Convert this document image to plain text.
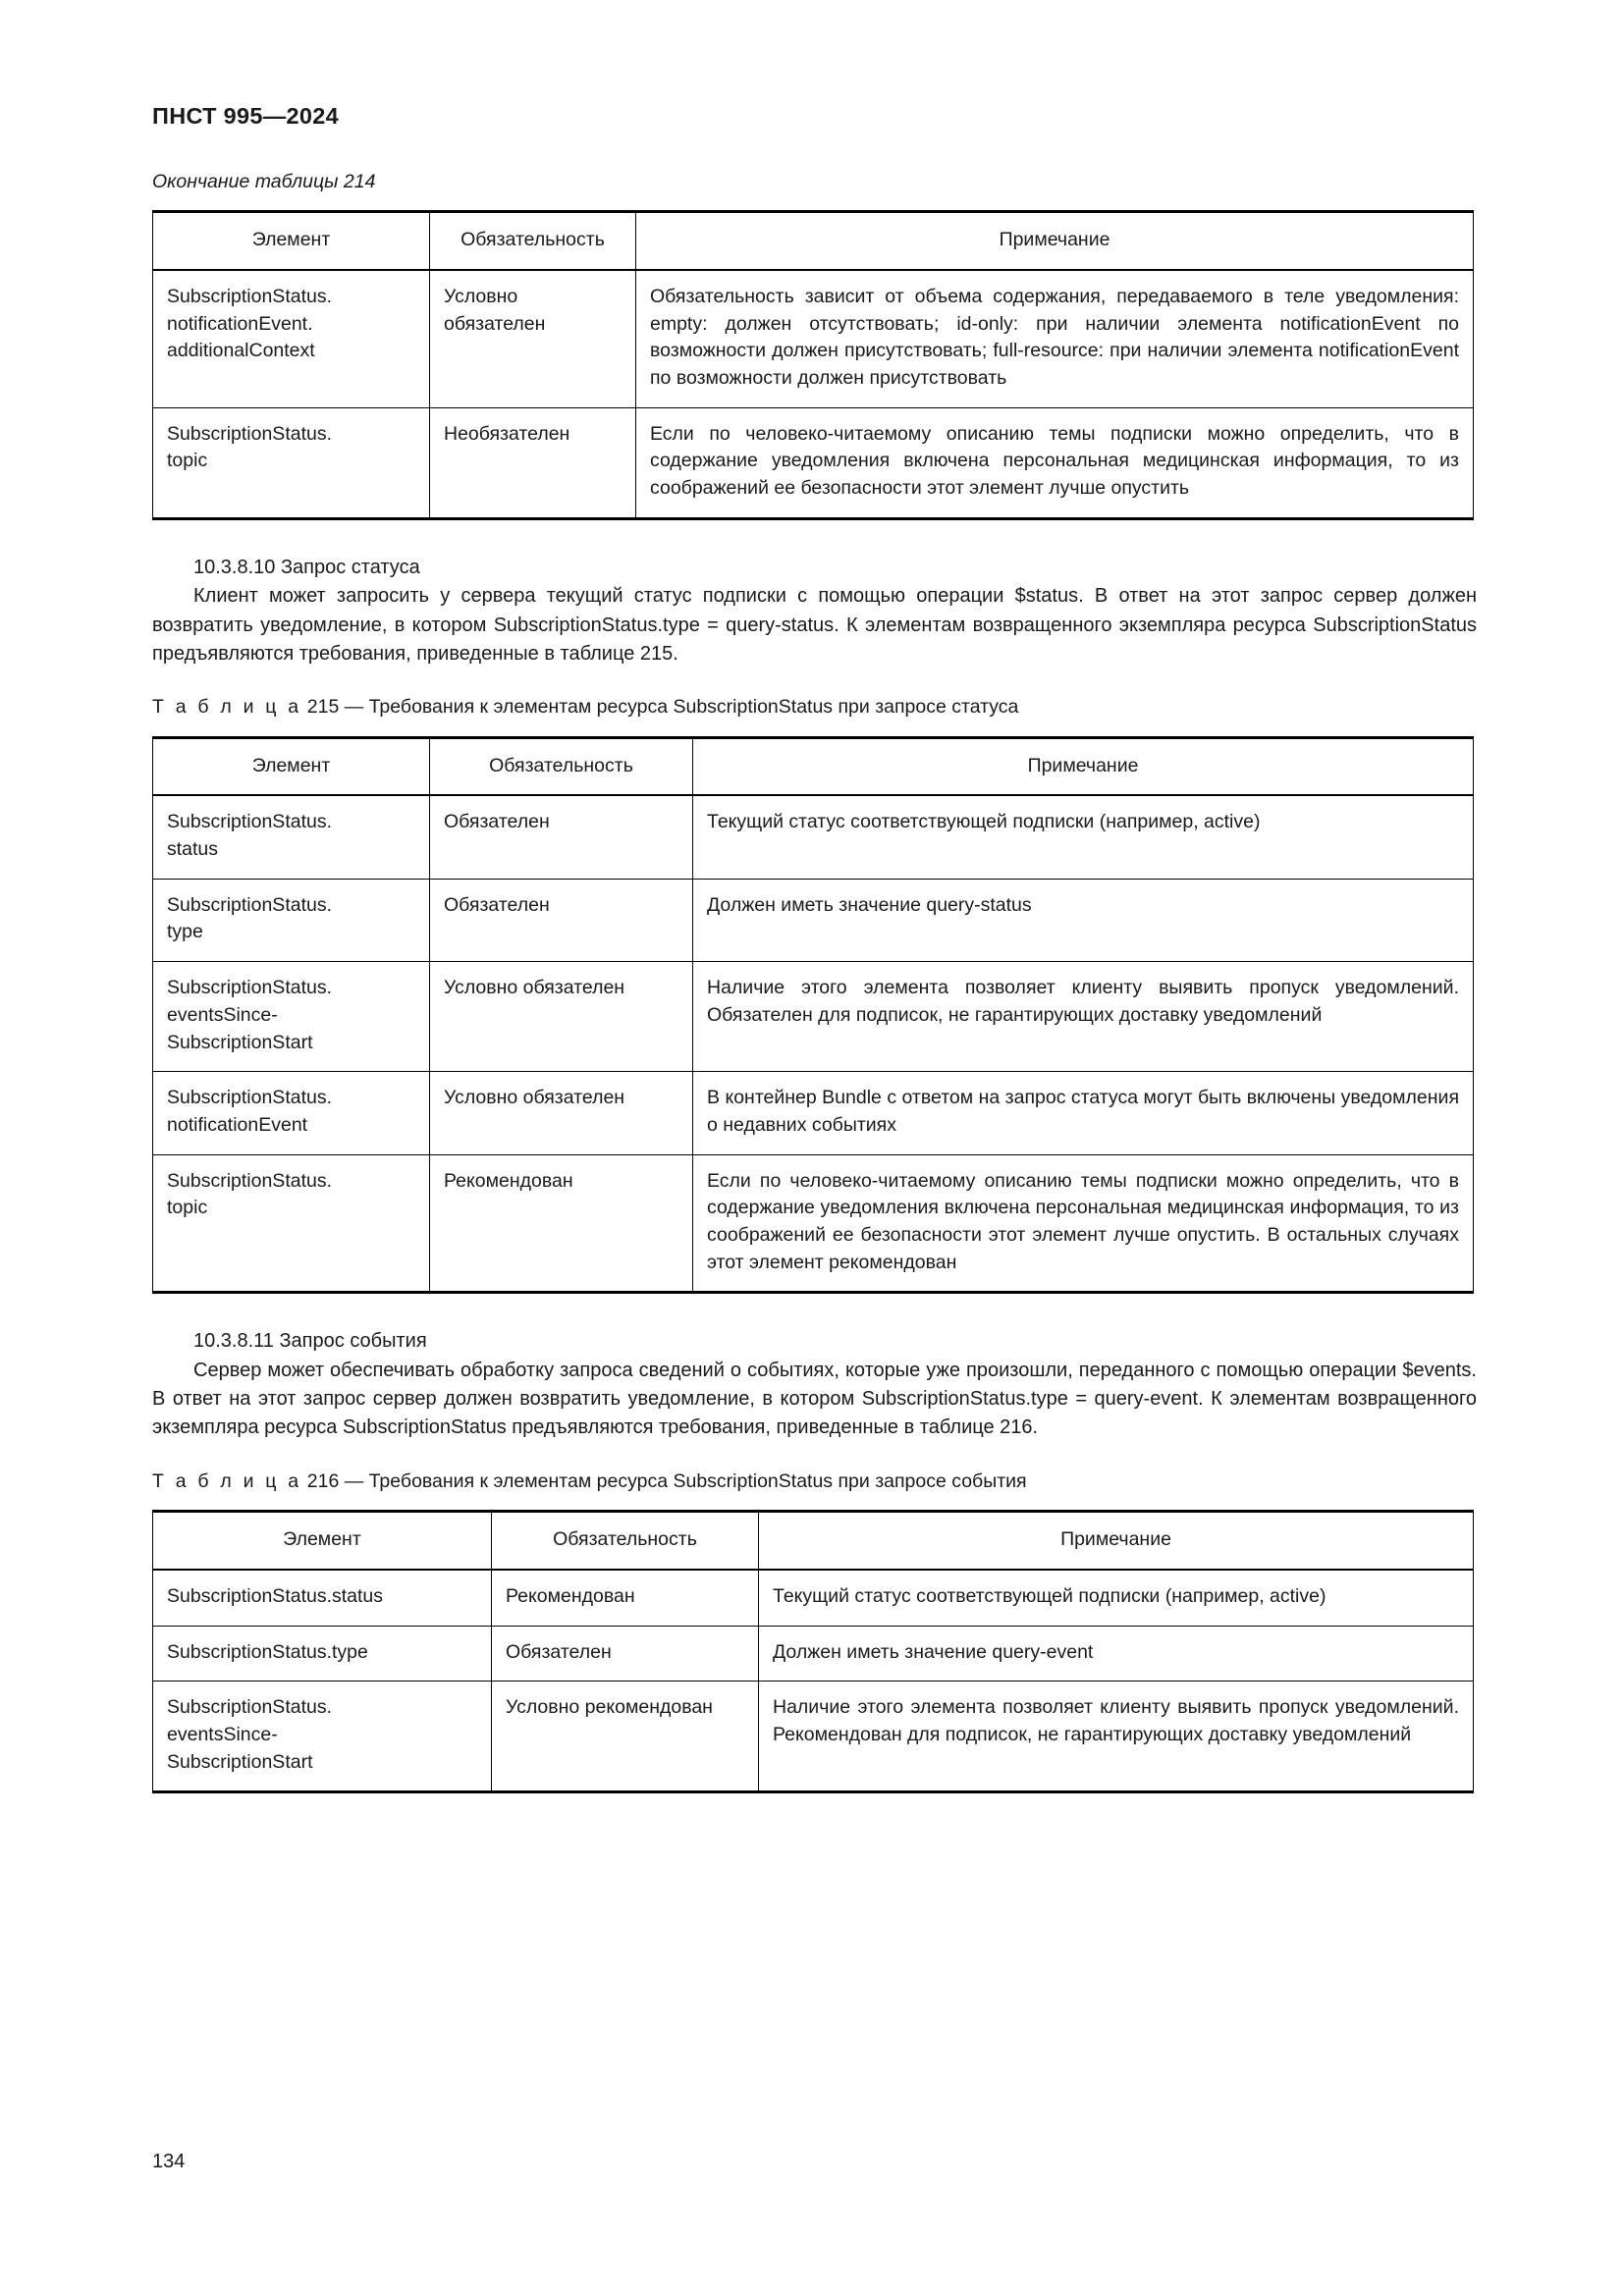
ПНСТ 995—2024
Окончание таблицы 214
Элемент	Обязательность	Примечание

SubscriptionStatus.
notificationEvent.
additionalContext
	Условно обязателен	Обязательность зависит от объема содержания, передаваемого в теле уведомления: empty: должен отсутствовать; id-only: при наличии элемента notificationEvent по возможности должен присутствовать; full-resource: при наличии элемента notificationEvent по возможности должен присутствовать

SubscriptionStatus.
topic	Необязателен	Если по человеко-читаемому описанию темы подписки можно определить, что в содержание уведомления включена персональная медицинская информация, то из соображений ее безопасности этот элемент лучше опустить
10.3.8.10 Запрос статуса
Клиент может запросить у сервера текущий статус подписки с помощью операции $status. В ответ на этот запрос сервер должен возвратить уведомление, в котором SubscriptionStatus.type = query-status. К элементам возвращенного экземпляра ресурса SubscriptionStatus предъявляются требования, приведенные в таблице 215.
Т а б л и ц а 215 — Требования к элементам ресурса SubscriptionStatus при запросе статуса
Элемент	Обязательность	Примечание

SubscriptionStatus.
status	Обязателен	Текущий статус соответствующей подписки (например, active)

SubscriptionStatus.
type	Обязателен	Должен иметь значение query-status

SubscriptionStatus.
eventsSince-
SubscriptionStart	Условно обязателен	Наличие этого элемента позволяет клиенту выявить пропуск уведомлений. Обязателен для подписок, не гарантирующих доставку уведомлений

SubscriptionStatus.
notificationEvent	Условно обязателен	В контейнер Bundle с ответом на запрос статуса могут быть включены уведомления о недавних событиях

SubscriptionStatus.
topic	Рекомендован	Если по человеко-читаемому описанию темы подписки можно определить, что в содержание уведомления включена персональная медицинская информация, то из соображений ее безопасности этот элемент лучше опустить. В остальных случаях этот элемент рекомендован
10.3.8.11 Запрос события
Сервер может обеспечивать обработку запроса сведений о событиях, которые уже произошли, переданного с помощью операции $events. В ответ на этот запрос сервер должен возвратить уведомление, в котором SubscriptionStatus.type = query-event. К элементам возвращенного экземпляра ресурса SubscriptionStatus предъявляются требования, приведенные в таблице 216.
Т а б л и ц а 216 — Требования к элементам ресурса SubscriptionStatus при запросе события
Элемент	Обязательность	Примечание

SubscriptionStatus.status	Рекомендован	Текущий статус соответствующей подписки (например, active)

SubscriptionStatus.type	Обязателен	Должен иметь значение query-event

SubscriptionStatus.
eventsSince-
SubscriptionStart	Условно рекомендован	Наличие этого элемента позволяет клиенту выявить пропуск уведомлений. Рекомендован для подписок, не гарантирующих доставку уведомлений
134
